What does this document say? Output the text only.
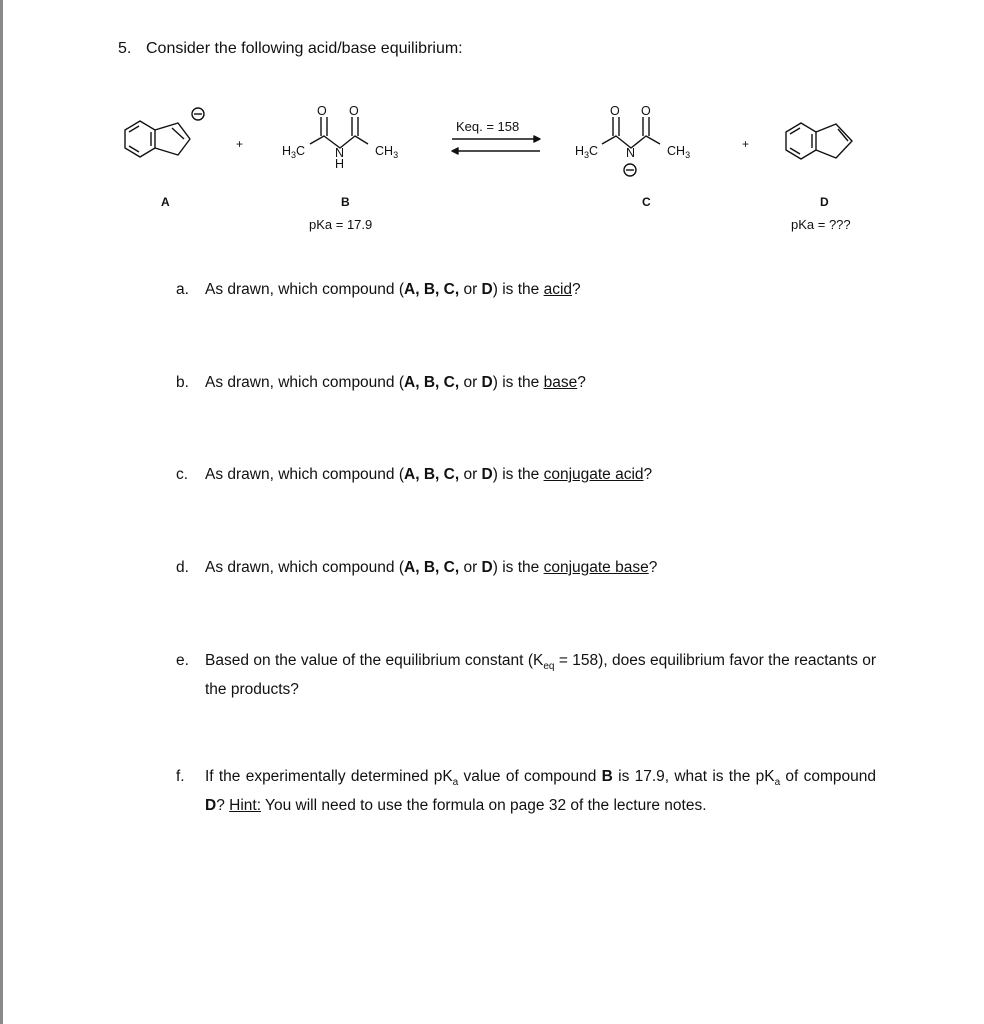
5. Consider the following acid/base equilibrium:
+	+
$H_3C$
O O
N
H
$CH_3$	$H_3C$
O O
N	$CH_3$
Keq. = 158
A	B	C	D
pKa = 17.9	pKa = ???
a. As drawn, which compound (A, B, C, or D) is the acid?
b. As drawn, which compound (A, B, C, or D) is the base?
c. As drawn, which compound (A, B, C, or D) is the conjugate acid?
d. As drawn, which compound (A, B, C, or D) is the conjugate base?
e. Based on the value of the equilibrium constant $(K_{eq} = 158)$, does equilibrium favor the reactants or the products?
f. If the experimentally determined $pK_a$ value of compound B is 17.9, what is the $pK_a$ of compound D? Hint: You will need to use the formula on page 32 of the lecture notes.
